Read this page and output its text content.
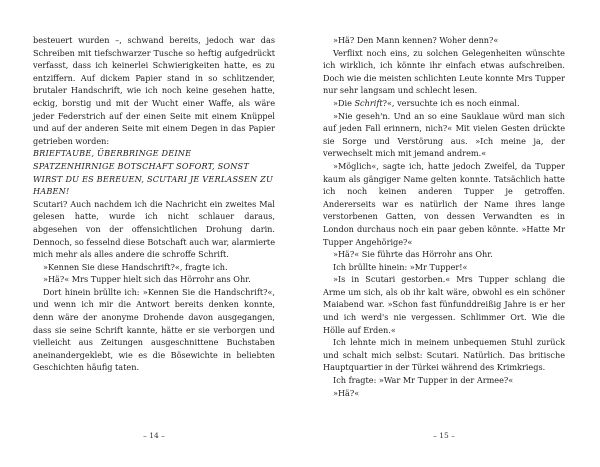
besteuert wurden –, schwand bereits, jedoch war das Schreiben mit tiefschwarzer Tusche so heftig aufgedrückt verfasst, dass ich keinerlei Schwierigkeiten hatte, es zu entziffern. Auf dickem Papier stand in so schlitzender, brutaler Handschrift, wie ich noch keine gesehen hatte, eckig, borstig und mit der Wucht einer Waffe, als wäre jeder Federstrich auf der einen Seite mit einem Knüppel und auf der anderen Seite mit einem Degen in das Papier getrieben worden:

BRIEFTAUBE, ÜBERBRINGE DEINE SPATZENHIRNIGE BOTSCHAFT SOFORT, SONST WIRST DU ES BEREUEN, SCUTARI JE VERLASSEN ZU HABEN!

Scutari? Auch nachdem ich die Nachricht ein zweites Mal gelesen hatte, wurde ich nicht schlauer daraus, abgesehen von der offensichtlichen Drohung darin. Dennoch, so fesselnd diese Botschaft auch war, alarmierte mich mehr als alles andere die schroffe Schrift.

»Kennen Sie diese Handschrift?«, fragte ich.

»Hä?« Mrs Tupper hielt sich das Hörrohr ans Ohr.

Dort hinein brüllte ich: »Kennen Sie die Handschrift?«, und wenn ich mir die Antwort bereits denken konnte, denn wäre der anonyme Drohende davon ausgegangen, dass sie seine Schrift kannte, hätte er sie verborgen und vielleicht aus Zeitungen ausgeschnittene Buchstaben aneinandergeklebt, wie es die Bösewichte in beliebten Geschichten häufig taten.

»Hä? Den Mann kennen? Woher denn?«

Verflixt noch eins, zu solchen Gelegenheiten wünschte ich wirklich, ich könnte ihr einfach etwas aufschreiben. Doch wie die meisten schlichten Leute konnte Mrs Tupper nur sehr langsam und schlecht lesen.

»Die Schrift?«, versuchte ich es noch einmal.

»Nie geseh'n. Und an so eine Sauklaue würd man sich auf jeden Fall erinnern, nich?« Mit vielen Gesten drückte sie Sorge und Verstörung aus. »Ich meine ja, der verwechselt mich mit jemand andrem.«

»Möglich«, sagte ich, hatte jedoch Zweifel, da Tupper kaum als gängiger Name gelten konnte. Tatsächlich hatte ich noch keinen anderen Tupper je getroffen. Andererseits war es natürlich der Name ihres lange verstorbenen Gatten, von dessen Verwandten es in London durchaus noch ein paar geben könnte. »Hatte Mr Tupper Angehörige?«

»Hä?« Sie führte das Hörrohr ans Ohr.

Ich brüllte hinein: »Mr Tupper!«

»Is in Scutari gestorben.« Mrs Tupper schlang die Arme um sich, als ob ihr kalt wäre, obwohl es ein schöner Maiabend war. »Schon fast fünfunddreißig Jahre is er her und ich werd's nie vergessen. Schlimmer Ort. Wie die Hölle auf Erden.«

Ich lehnte mich in meinem unbequemen Stuhl zurück und schalt mich selbst: Scutari. Natürlich. Das britische Hauptquartier in der Türkei während des Krimkriegs.

Ich fragte: »War Mr Tupper in der Armee?«

»Hä?«

– 14 –	– 15 –
